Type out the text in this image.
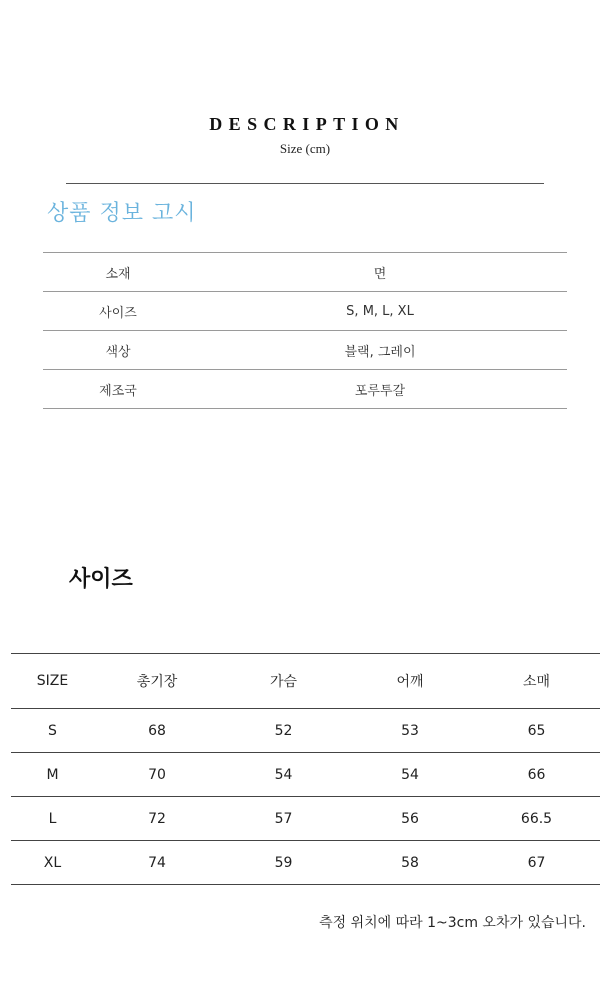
DESCRIPTION
Size (cm)
상품 정보 고시
소재	면
사이즈	S, M, L, XL
색상	블랙, 그레이
제조국	포루투갈
사이즈
SIZE	총기장	가슴	어깨	소매
S	68	52	53	65
M	70	54	54	66
L	72	57	56	66.5
XL	74	59	58	67
측정 위치에 따라 1~3cm 오차가 있습니다.
